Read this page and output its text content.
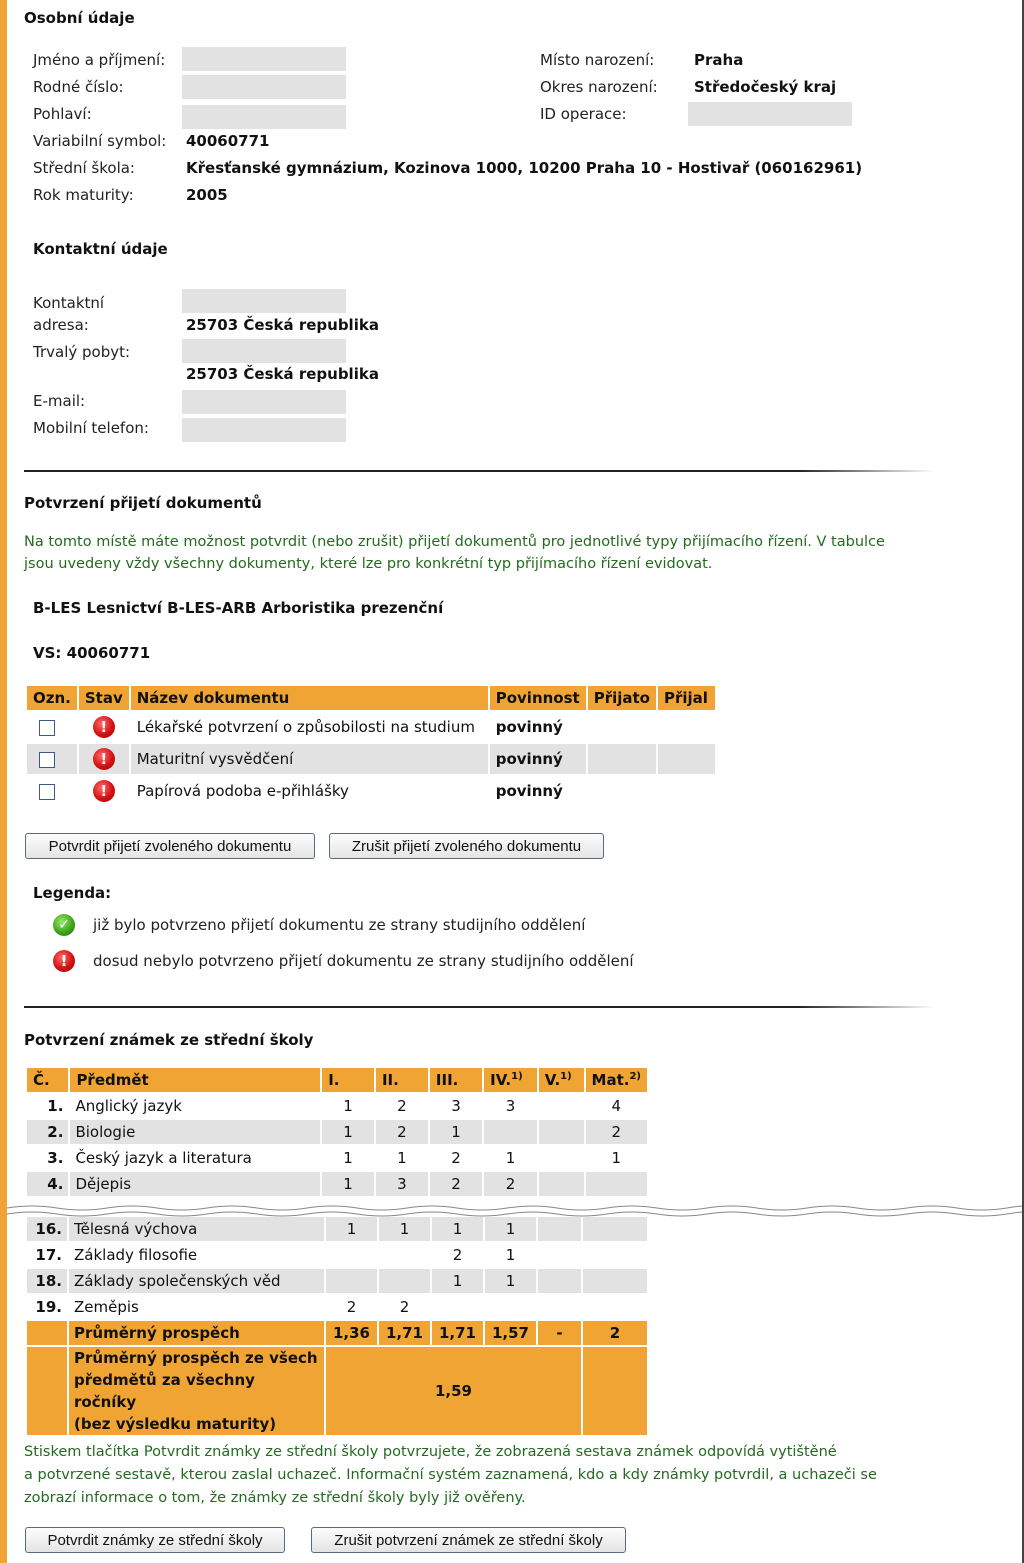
Osobní údaje
Jméno a příjmení:
Rodné číslo:
Pohlaví:
Variabilní symbol: 40060771
Střední škola:	Křesťanské gymnázium, Kozinova 1000, 10200 Praha 10 - Hostivař (060162961)
Rok maturity:	2005
Místo narození:	Praha
Okres narození: Středočeský kraj
ID operace:
Kontaktní údaje
Kontaktní
adresa:	25703 Česká republika
Trvalý pobyt:
25703 Česká republika
E-mail:
Mobilní telefon:
Potvrzení přijetí dokumentů
Na tomto místě máte možnost potvrdit (nebo zrušit) přijetí dokumentů pro jednotlivé typy přijímacího řízení. V tabulce
jsou uvedeny vždy všechny dokumenty, které lze pro konkrétní typ přijímacího řízení evidovat.
B-LES Lesnictví B-LES-ARB Arboristika prezenční
VS: 40060771
Ozn.	Stav	Název dokumentu	Povinnost	Přijato	Přijal
	!	Lékařské potvrzení o způsobilosti na studium	povinný		
	!	Maturitní vysvědčení	povinný		
	!	Papírová podoba e-přihlášky	povinný		
Potvrdit přijetí zvoleného dokumentu	Zrušit přijetí zvoleného dokumentu
Legenda:
✓	již bylo potvrzeno přijetí dokumentu ze strany studijního oddělení
!	dosud nebylo potvrzeno přijetí dokumentu ze strany studijního oddělení
Potvrzení známek ze střední školy
Č.	Předmět	I.	II.	III.	IV.$^{1)}$	V.$^{1)}$	Mat.$^{2)}$
1.	Anglický jazyk	1	2	3	3		4
2.	Biologie	1	2	1			2
3.	Český jazyk a literatura	1	1	2	1		1
4.	Dějepis	1	3	2	2		
16.	Tělesná výchova	1	1	1	1		
17.	Základy filosofie			2	1		
18.	Základy společenských věd			1	1		
19.	Zeměpis	2	2				
	Průměrný prospěch	1,36	1,71	1,71	1,57	-	2

	Průměrný prospěch ze všech
předmětů za všechny ročníky
(bez výsledku maturity)	1,59					
Stiskem tlačítka Potvrdit známky ze střední školy potvrzujete, že zobrazená sestava známek odpovídá vytištěné
a potvrzené sestavě, kterou zaslal uchazeč. Informační systém zaznamená, kdo a kdy známky potvrdil, a uchazeči se
zobrazí informace o tom, že známky ze střední školy byly již ověřeny.
Potvrdit známky ze střední školy	Zrušit potvrzení známek ze střední školy
